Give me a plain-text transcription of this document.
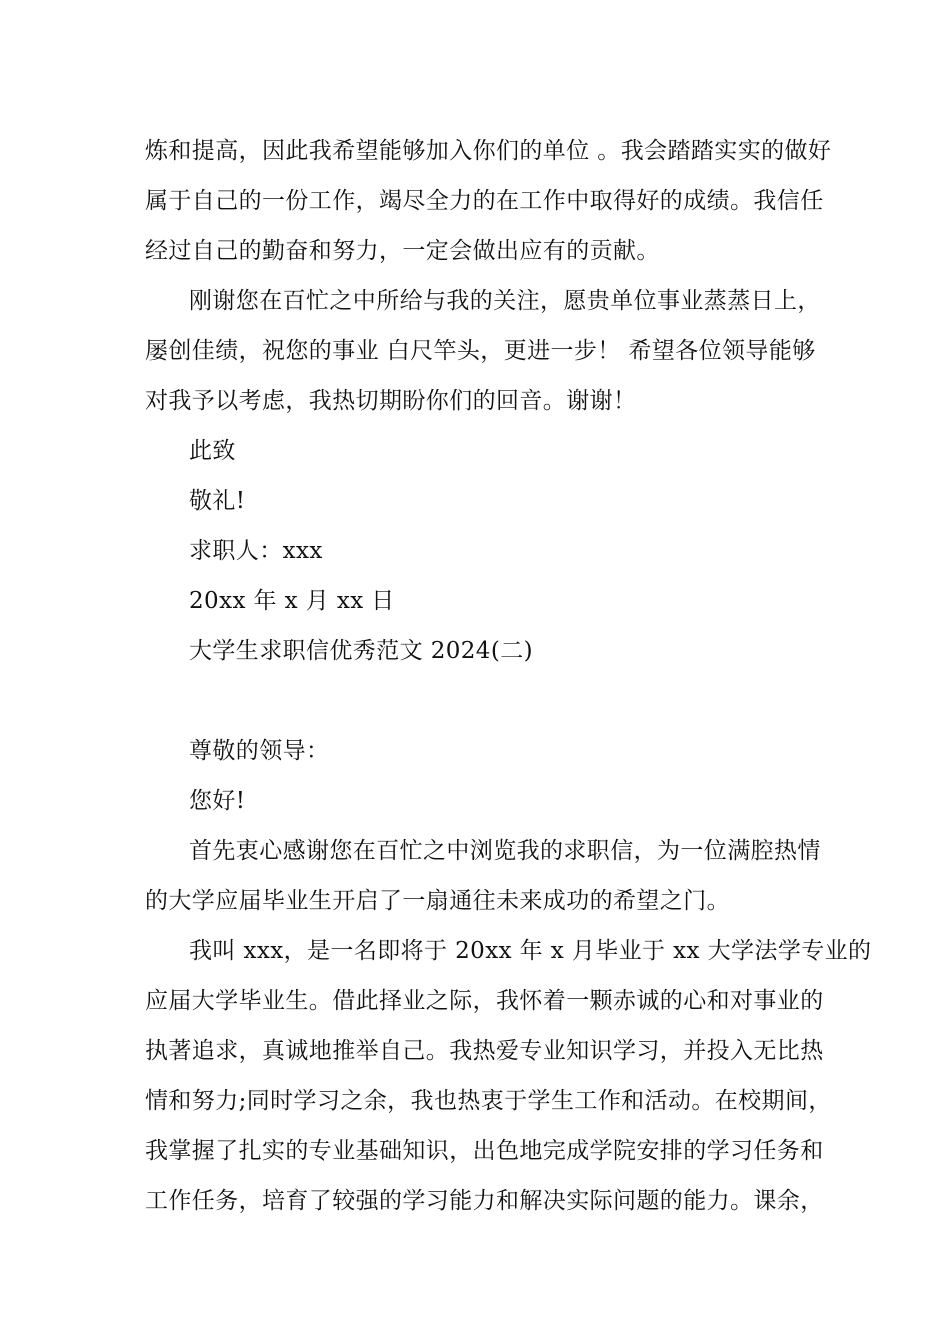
炼和提高，因此我希望能够加入你们的单位 。我会踏踏实实的做好
属于自己的一份工作，竭尽全力的在工作中取得好的成绩。我信任
经过自己的勤奋和努力，一定会做出应有的贡献。
刚谢您在百忙之中所给与我的关注，愿贵单位事业蒸蒸日上，
屡创佳绩，祝您的事业 白尺竿头，更进一步！ 希望各位领导能够
对我予以考虑，我热切期盼你们的回音。谢谢！
此致
敬礼!
求职人：xxx
20xx 年 x 月 xx 日
大学生求职信优秀范文 2024(二)
尊敬的领导：
您好!
首先衷心感谢您在百忙之中浏览我的求职信，为一位满腔热情
的大学应届毕业生开启了一扇通往未来成功的希望之门。
我叫 xxx，是一名即将于 20xx 年 x 月毕业于 xx 大学法学专业的
应届大学毕业生。借此择业之际，我怀着一颗赤诚的心和对事业的
执著追求，真诚地推举自己。我热爱专业知识学习，并投入无比热
情和努力;同时学习之余，我也热衷于学生工作和活动。在校期间，
我掌握了扎实的专业基础知识，出色地完成学院安排的学习任务和
工作任务，培育了较强的学习能力和解决实际问题的能力。课余，
